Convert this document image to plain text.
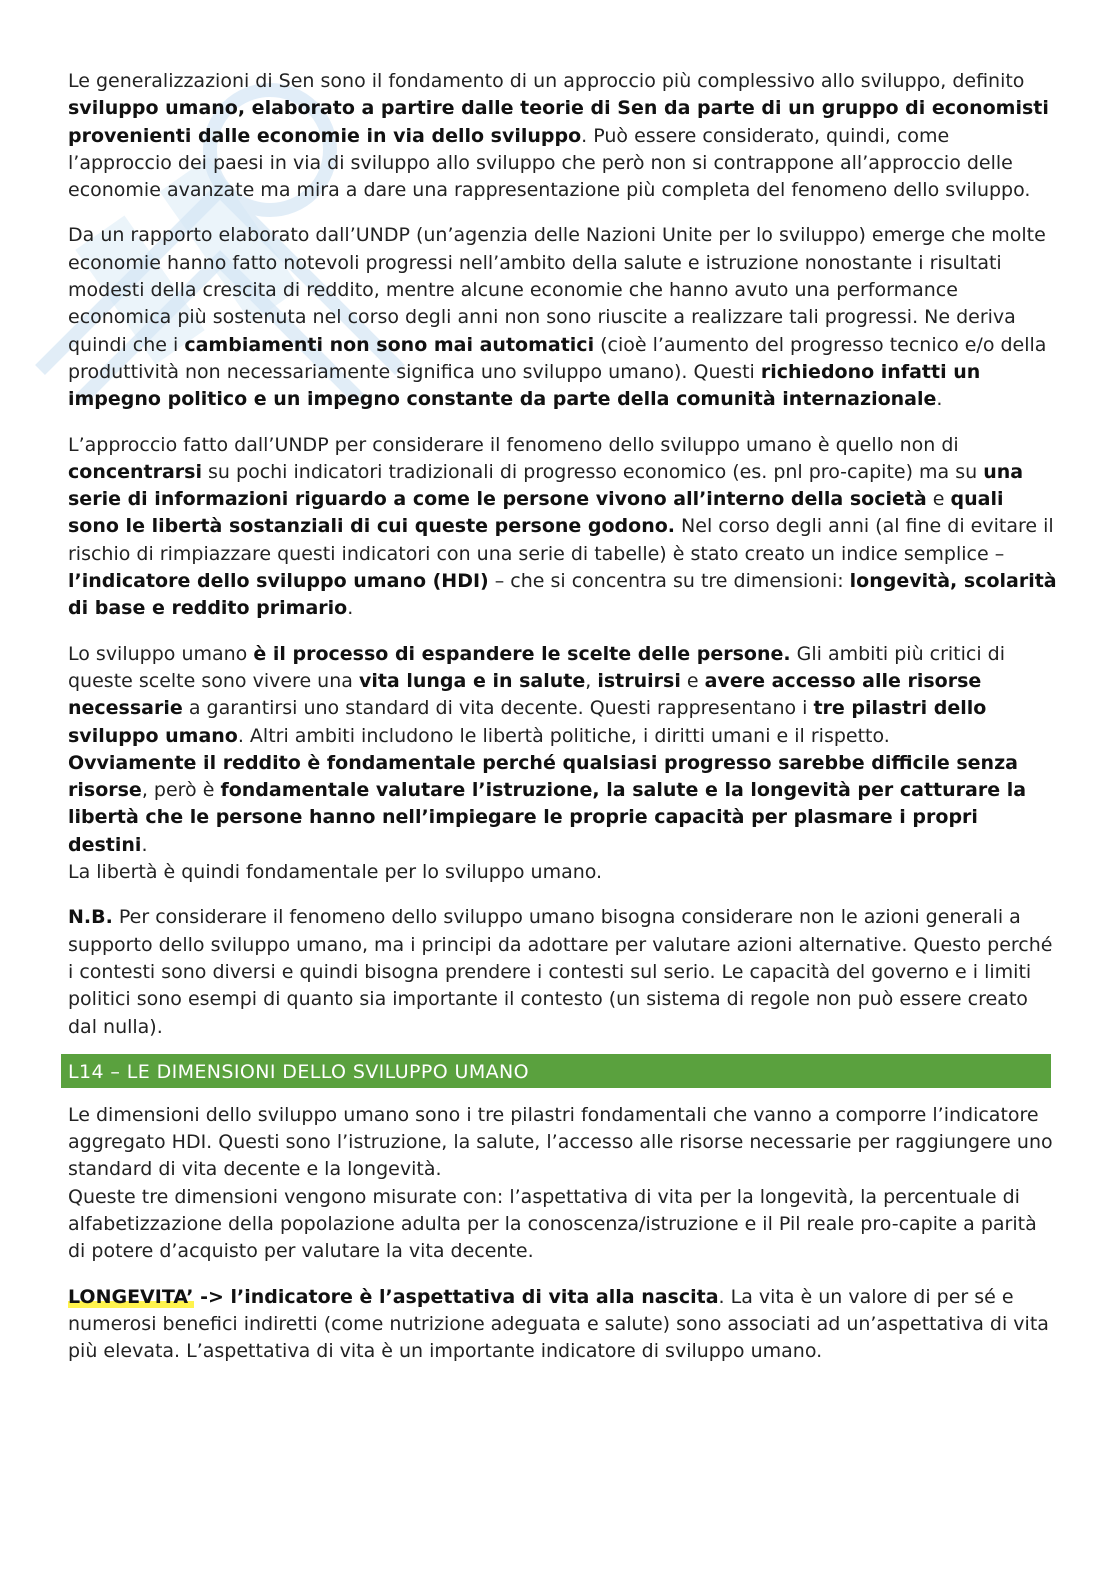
Le generalizzazioni di Sen sono il fondamento di un approccio più complessivo allo sviluppo, definito sviluppo umano, elaborato a partire dalle teorie di Sen da parte di un gruppo di economisti provenienti dalle economie in via dello sviluppo. Può essere considerato, quindi, come l’approccio dei paesi in via di sviluppo allo sviluppo che però non si contrappone all’approccio delle economie avanzate ma mira a dare una rappresentazione più completa del fenomeno dello sviluppo.

Da un rapporto elaborato dall’UNDP (un’agenzia delle Nazioni Unite per lo sviluppo) emerge che molte economie hanno fatto notevoli progressi nell’ambito della salute e istruzione nonostante i risultati modesti della crescita di reddito, mentre alcune economie che hanno avuto una performance economica più sostenuta nel corso degli anni non sono riuscite a realizzare tali progressi. Ne deriva quindi che i cambiamenti non sono mai automatici (cioè l’aumento del progresso tecnico e/o della produttività non necessariamente significa uno sviluppo umano). Questi richiedono infatti un impegno politico e un impegno constante da parte della comunità internazionale.

L’approccio fatto dall’UNDP per considerare il fenomeno dello sviluppo umano è quello non di concentrarsi su pochi indicatori tradizionali di progresso economico (es. pnl pro-capite) ma su una serie di informazioni riguardo a come le persone vivono all’interno della società e quali sono le libertà sostanziali di cui queste persone godono. Nel corso degli anni (al fine di evitare il rischio di rimpiazzare questi indicatori con una serie di tabelle) è stato creato un indice semplice – l’indicatore dello sviluppo umano (HDI) – che si concentra su tre dimensioni: longevità, scolarità di base e reddito primario.

Lo sviluppo umano è il processo di espandere le scelte delle persone. Gli ambiti più critici di queste scelte sono vivere una vita lunga e in salute, istruirsi e avere accesso alle risorse necessarie a garantirsi uno standard di vita decente. Questi rappresentano i tre pilastri dello sviluppo umano. Altri ambiti includono le libertà politiche, i diritti umani e il rispetto.

Ovviamente il reddito è fondamentale perché qualsiasi progresso sarebbe difficile senza risorse, però è fondamentale valutare l’istruzione, la salute e la longevità per catturare la libertà che le persone hanno nell’impiegare le proprie capacità per plasmare i propri destini.

La libertà è quindi fondamentale per lo sviluppo umano.

N.B. Per considerare il fenomeno dello sviluppo umano bisogna considerare non le azioni generali a supporto dello sviluppo umano, ma i principi da adottare per valutare azioni alternative. Questo perché i contesti sono diversi e quindi bisogna prendere i contesti sul serio. Le capacità del governo e i limiti politici sono esempi di quanto sia importante il contesto (un sistema di regole non può essere creato dal nulla).

L14 – LE DIMENSIONI DELLO SVILUPPO UMANO

Le dimensioni dello sviluppo umano sono i tre pilastri fondamentali che vanno a comporre l’indicatore aggregato HDI. Questi sono l’istruzione, la salute, l’accesso alle risorse necessarie per raggiungere uno standard di vita decente e la longevità.

Queste tre dimensioni vengono misurate con: l’aspettativa di vita per la longevità, la percentuale di alfabetizzazione della popolazione adulta per la conoscenza/istruzione e il Pil reale pro-capite a parità di potere d’acquisto per valutare la vita decente.

LONGEVITA’ -> l’indicatore è l’aspettativa di vita alla nascita. La vita è un valore di per sé e numerosi benefici indiretti (come nutrizione adeguata e salute) sono associati ad un’aspettativa di vita più elevata. L’aspettativa di vita è un importante indicatore di sviluppo umano.
